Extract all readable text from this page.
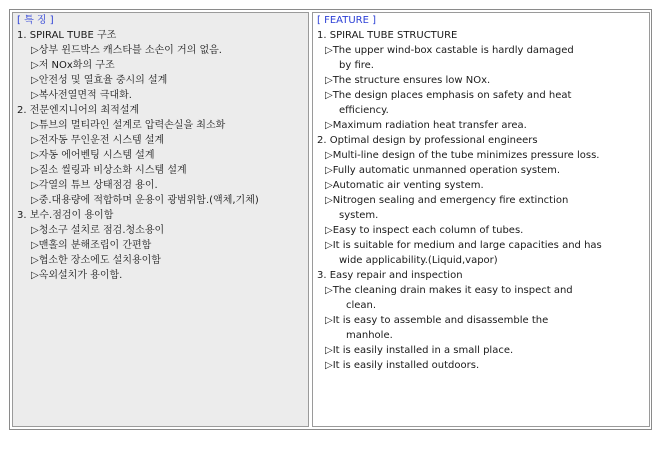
[ 특 징 ]
1. SPIRAL TUBE 구조
▷상부 윈드박스 캐스타블 소손이 거의 없음.
▷저 NOx화의 구조
▷안전성 및 열효율 중시의 설계
▷복사전열면적 극대화.
2. 전문엔지니어의 최적설계
▷튜브의 멀티라인 설계로 압력손실을 최소화
▷전자동 무인운전 시스템 설계
▷자동 에어벤팅 시스템 설계
▷질소 씰링과 비상소화 시스템 설계
▷각열의 튜브 상태점검 용이.
▷중.대용량에 적합하며 운용이 광범위함.(액체,기체)
3. 보수.점검이 용이함
▷청소구 설치로 점검.청소용이
▷맨홀의 분해조립이 간편함
▷협소한 장소에도 설치용이함
▷옥외설치가 용이함.
[ FEATURE ]
1. SPIRAL TUBE STRUCTURE
▷The upper wind-box castable is hardly damaged
by fire.
▷The structure ensures low NOx.
▷The design places emphasis on safety and heat
efficiency.
▷Maximum radiation heat transfer area.
2. Optimal design by professional engineers
▷Multi-line design of the tube minimizes pressure loss.
▷Fully automatic unmanned operation system.
▷Automatic air venting system.
▷Nitrogen sealing and emergency fire extinction
system.
▷Easy to inspect each column of tubes.
▷It is suitable for medium and large capacities and has
wide applicability.(Liquid,vapor)
3. Easy repair and inspection
▷The cleaning drain makes it easy to inspect and
clean.
▷It is easy to assemble and disassemble the
manhole.
▷It is easily installed in a small place.
▷It is easily installed outdoors.
